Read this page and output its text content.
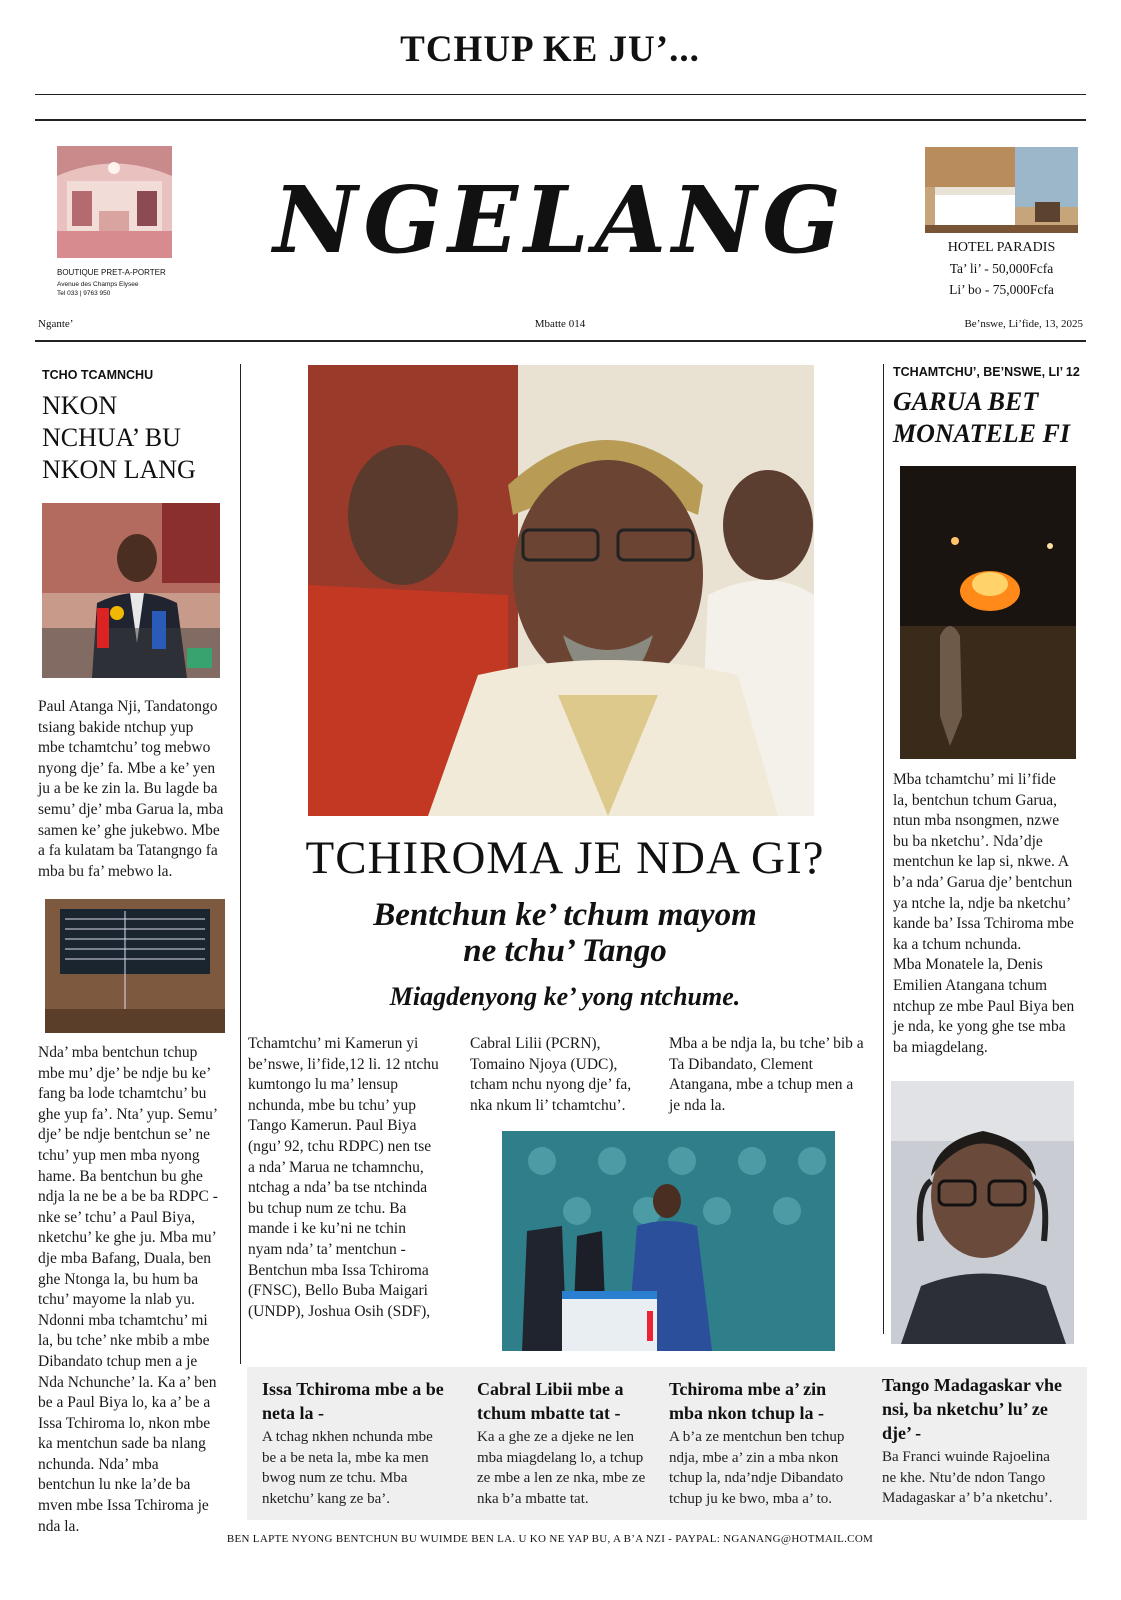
TCHUP KE JU’...
BOUTIQUE PRET-A-PORTER
Avenue des Champs Elysee
Tel 033 | 9763 950
NGELANG	HOTEL PARADIS
Ta’ li’ - 50,000Fcfa
Li’ bo - 75,000Fcfa
Ngante’	Mbatte 014	Be’nswe, Li’fide, 13, 2025
TCHO TCAMNCHU
NKON
NCHUA’ BU
NKON LANG
Paul Atanga Nji, Tandatongo
tsiang bakide ntchup yup
mbe tchamtchu’ tog mebwo
nyong dje’ fa. Mbe a ke’ yen
ju a be ke zin la. Bu lagde ba
semu’ dje’ mba Garua la, mba
samen ke’ ghe jukebwo. Mbe
a fa kulatam ba Tatangngo fa
mba bu fa’ mebwo la.
Nda’ mba bentchun tchup
mbe mu’ dje’ be ndje bu ke’
fang ba lode tchamtchu’ bu
ghe yup fa’. Nta’ yup. Semu’
dje’ be ndje bentchun se’ ne
tchu’ yup men mba nyong
hame. Ba bentchun bu ghe
ndja la ne be a be ba RDPC -
nke se’ tchu’ a Paul Biya,
nketchu’ ke ghe ju. Mba mu’
dje mba Bafang, Duala, ben
ghe Ntonga la, bu hum ba
tchu’ mayome la nlab yu.
Ndonni mba tchamtchu’ mi
la, bu tche’ nke mbib a mbe
Dibandato tchup men a je
Nda Nchunche’ la. Ka a’ ben
be a Paul Biya lo, ka a’ be a
Issa Tchiroma lo, nkon mbe
ka mentchun sade ba nlang
nchunda. Nda’ mba
bentchun lu nke la’de ba
mven mbe Issa Tchiroma je
nda la.
TCHIROMA JE NDA GI?
Bentchun ke’ tchum mayom
ne tchu’ Tango
Miagdenyong ke’ yong ntchume.
Tchamtchu’ mi Kamerun yi
be’nswe, li’fide,12 li. 12 ntchu
kumtongo lu ma’ lensup
nchunda, mbe bu tchu’ yup
Tango Kamerun. Paul Biya
(ngu’ 92, tchu RDPC) nen tse
a nda’ Marua ne tchamnchu,
ntchag a nda’ ba tse ntchinda
bu tchup num ze tchu. Ba
mande i ke ku’ni ne tchin
nyam nda’ ta’ mentchun -
Bentchun mba Issa Tchiroma
(FNSC), Bello Buba Maigari
(UNDP), Joshua Osih (SDF),
Cabral Lilii (PCRN),
Tomaino Njoya (UDC),
tcham nchu nyong dje’ fa,
nka nkum li’ tchamtchu’.
Mba a be ndja la, bu tche’ bib a
Ta Dibandato, Clement
Atangana, mbe a tchup men a
je nda la.
TCHAMTCHU’, BE’NSWE, LI’ 12
GARUA BET
MONATELE FI
Mba tchamtchu’ mi li’fide
la, bentchun tchum Garua,
ntun mba nsongmen, nzwe
bu ba nketchu’. Nda’dje
mentchun ke lap si, nkwe. A
b’a nda’ Garua dje’ bentchun
ya ntche la, ndje ba nketchu’
kande ba’ Issa Tchiroma mbe
ka a tchum nchunda.
Mba Monatele la, Denis
Emilien Atangana tchum
ntchup ze mbe Paul Biya ben
je nda, ke yong ghe tse mba
ba miagdelang.
Issa Tchiroma mbe a be
neta la -
A tchag nkhen nchunda mbe
be a be neta la, mbe ka men
bwog num ze tchu. Mba
nketchu’ kang ze ba’.
Cabral Libii mbe a
tchum mbatte tat -
Ka a ghe ze a djeke ne len
mba miagdelang lo, a tchup
ze mbe a len ze nka, mbe ze
nka b’a mbatte tat.
Tchiroma mbe a’ zin
mba nkon tchup la -
A b’a ze mentchun ben tchup
ndja, mbe a’ zin a mba nkon
tchup la, nda’ndje Dibandato
tchup ju ke bwo, mba a’ to.
Tango Madagaskar vhe
nsi, ba nketchu’ lu’ ze
dje’ -
Ba Franci wuinde Rajoelina
ne khe. Ntu’de ndon Tango
Madagaskar a’ b’a nketchu’.
BEN LAPTE NYONG BENTCHUN BU WUIMDE BEN LA. U KO NE YAP BU, A B’A NZI - PAYPAL: NGANANG@HOTMAIL.COM
